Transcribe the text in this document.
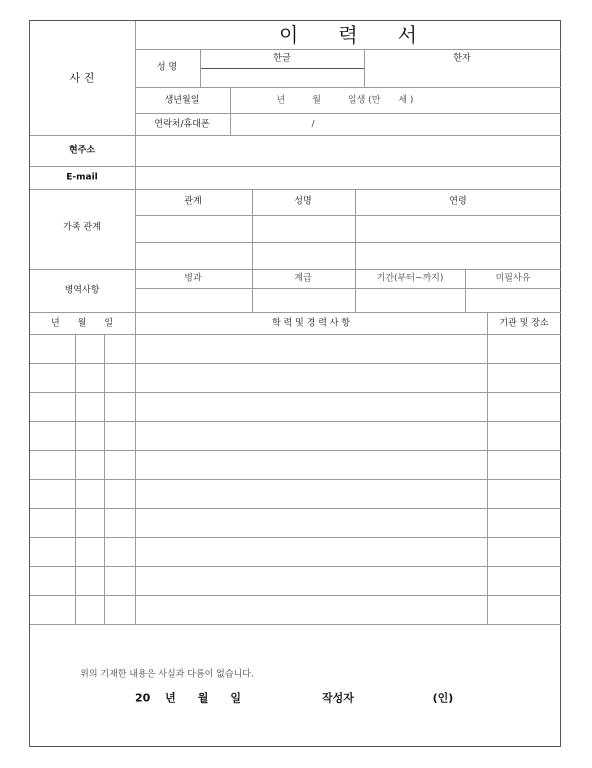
이　　력　　서
사 진
성 명
한글	한자
생년월일	년　　　월　　　일생 (만　　세 )
연락처/휴대폰	/
현주소
E-mail
가족 관계
관계	성명	연령
병역사항
병과	계급	기간(부터~까지)	미필사유
년　　월　　일	학 력 및 경 력 사 항	기관 및 장소
위의 기재한 내용은 사실과 다름이 없습니다.
20　 년　　월　　일	작성자	(인)
